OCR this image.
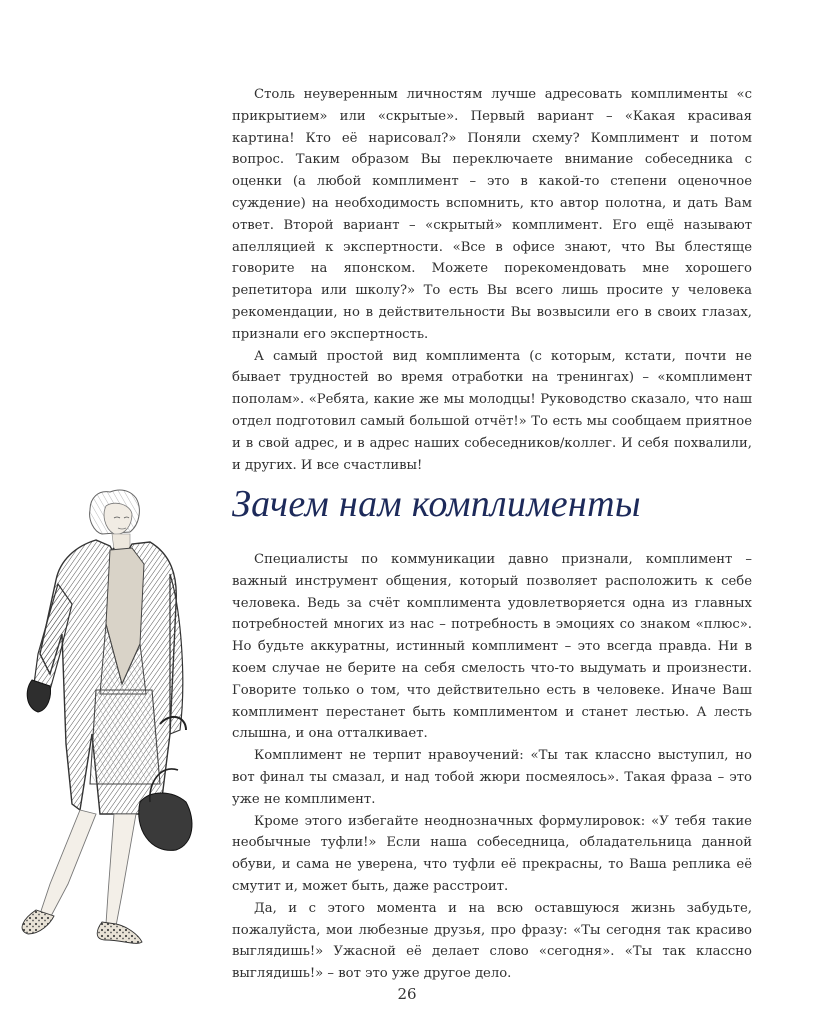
Столь неуверенным личностям лучше адресовать комплименты «с прикрытием» или «скрытые». Первый вариант – «Какая красивая картина! Кто её нарисовал?» Поняли схему? Комплимент и потом вопрос. Таким образом Вы переключаете внимание собеседника с оценки (а любой комплимент – это в какой-то степени оценочное суждение) на необходимость вспомнить, кто автор полотна, и дать Вам ответ. Второй вариант – «скрытый» комплимент. Его ещё называют апелляцией к экспертности. «Все в офисе знают, что Вы блестяще говорите на японском. Можете порекомендовать мне хорошего репетитора или школу?» То есть Вы всего лишь просите у человека рекомендации, но в действительности Вы возвысили его в своих глазах, признали его экспертность.

А самый простой вид комплимента (с которым, кстати, почти не бывает трудностей во время отработки на тренингах) – «комплимент пополам». «Ребята, какие же мы молодцы! Руководство сказало, что наш отдел подготовил самый большой отчёт!» То есть мы сообщаем приятное и в свой адрес, и в адрес наших собеседников/коллег. И себя похвалили, и других. И все счастливы!

Зачем нам комплименты

Специалисты по коммуникации давно признали, комплимент – важный инструмент общения, который позволяет расположить к себе человека. Ведь за счёт комплимента удовлетворяется одна из главных потребностей многих из нас – потребность в эмоциях со знаком «плюс». Но будьте аккуратны, истинный комплимент – это всегда правда. Ни в коем случае не берите на себя смелость что-то выдумать и произнести. Говорите только о том, что действительно есть в человеке. Иначе Ваш комплимент перестанет быть комплиментом и станет лестью. А лесть слышна, и она отталкивает.

Комплимент не терпит нравоучений: «Ты так классно выступил, но вот финал ты смазал, и над тобой жюри посмеялось». Такая фраза – это уже не комплимент.

Кроме этого избегайте неоднозначных формулировок: «У тебя такие необычные туфли!» Если наша собеседница, обладательница данной обуви, и сама не уверена, что туфли её прекрасны, то Ваша реплика её смутит и, может быть, даже расстроит.

Да, и с этого момента и на всю оставшуюся жизнь забудьте, пожалуйста, мои любезные друзья, про фразу: «Ты сегодня так красиво выглядишь!» Ужасной её делает слово «сегодня». «Ты так классно выглядишь!» – вот это уже другое дело.

26
